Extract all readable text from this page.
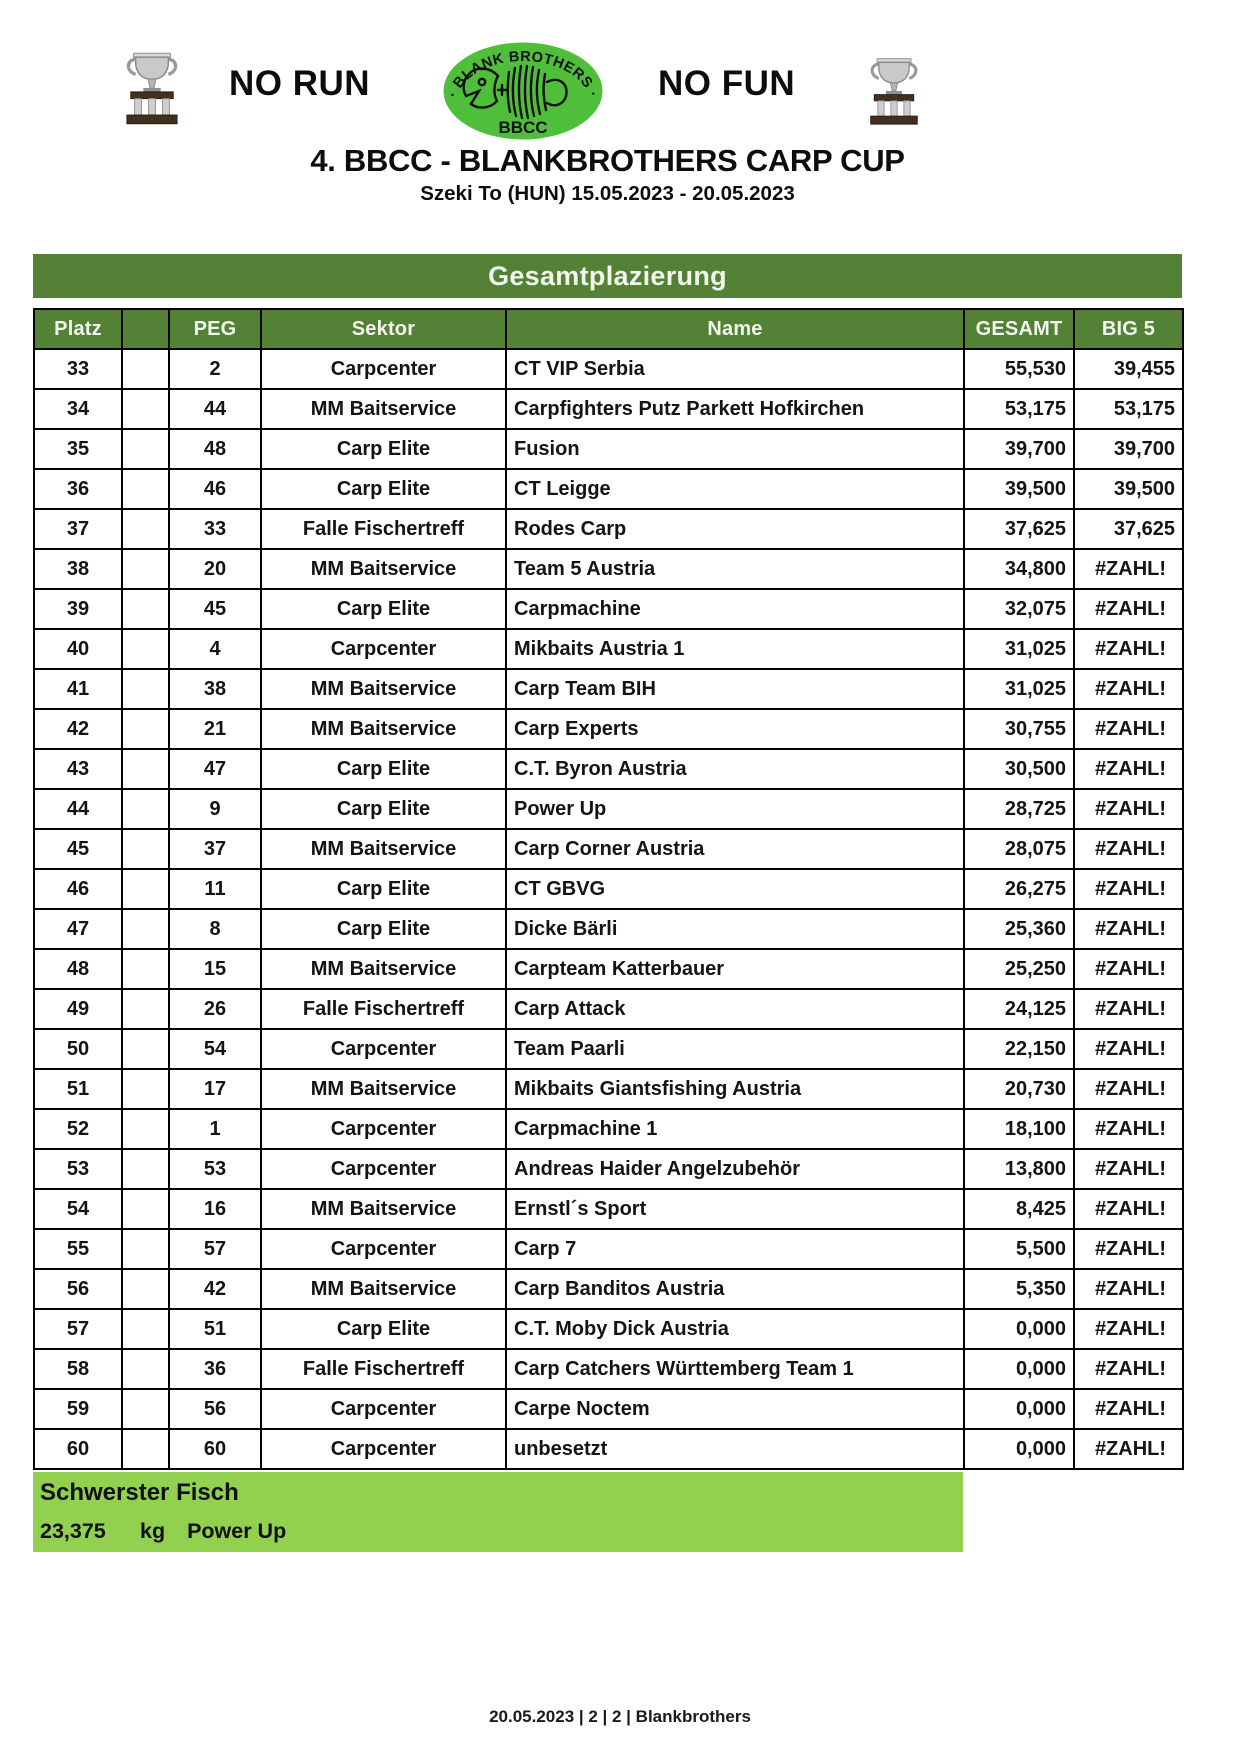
NO RUN	· BLANK BROTHERS ·
BBCC
NO FUN
4. BBCC - BLANKBROTHERS CARP CUP
Szeki To (HUN) 15.05.2023 - 20.05.2023
Gesamtplazierung
Platz		PEG	Sektor	Name	GESAMT	BIG 5
33		2	Carpcenter	CT VIP Serbia	55,530	39,455
34		44	MM Baitservice	Carpfighters Putz Parkett Hofkirchen	53,175	53,175
35		48	Carp Elite	Fusion	39,700	39,700
36		46	Carp Elite	CT Leigge	39,500	39,500
37		33	Falle Fischertreff	Rodes Carp	37,625	37,625
38		20	MM Baitservice	Team 5 Austria	34,800	#ZAHL!
39		45	Carp Elite	Carpmachine	32,075	#ZAHL!
40		4	Carpcenter	Mikbaits Austria 1	31,025	#ZAHL!
41		38	MM Baitservice	Carp Team BIH	31,025	#ZAHL!
42		21	MM Baitservice	Carp Experts	30,755	#ZAHL!
43		47	Carp Elite	C.T. Byron Austria	30,500	#ZAHL!
44		9	Carp Elite	Power Up	28,725	#ZAHL!
45		37	MM Baitservice	Carp Corner Austria	28,075	#ZAHL!
46		11	Carp Elite	CT GBVG	26,275	#ZAHL!
47		8	Carp Elite	Dicke Bärli	25,360	#ZAHL!
48		15	MM Baitservice	Carpteam Katterbauer	25,250	#ZAHL!
49		26	Falle Fischertreff	Carp Attack	24,125	#ZAHL!
50		54	Carpcenter	Team Paarli	22,150	#ZAHL!
51		17	MM Baitservice	Mikbaits Giantsfishing Austria	20,730	#ZAHL!
52		1	Carpcenter	Carpmachine 1	18,100	#ZAHL!
53		53	Carpcenter	Andreas Haider Angelzubehör	13,800	#ZAHL!
54		16	MM Baitservice	Ernstl´s Sport	8,425	#ZAHL!
55		57	Carpcenter	Carp 7	5,500	#ZAHL!
56		42	MM Baitservice	Carp Banditos Austria	5,350	#ZAHL!
57		51	Carp Elite	C.T. Moby Dick Austria	0,000	#ZAHL!
58		36	Falle Fischertreff	Carp Catchers Württemberg Team 1	0,000	#ZAHL!
59		56	Carpcenter	Carpe Noctem	0,000	#ZAHL!
60		60	Carpcenter	unbesetzt	0,000	#ZAHL!
Schwerster Fisch
23,375 kg Power Up
20.05.2023 | 2 | 2 | Blankbrothers
